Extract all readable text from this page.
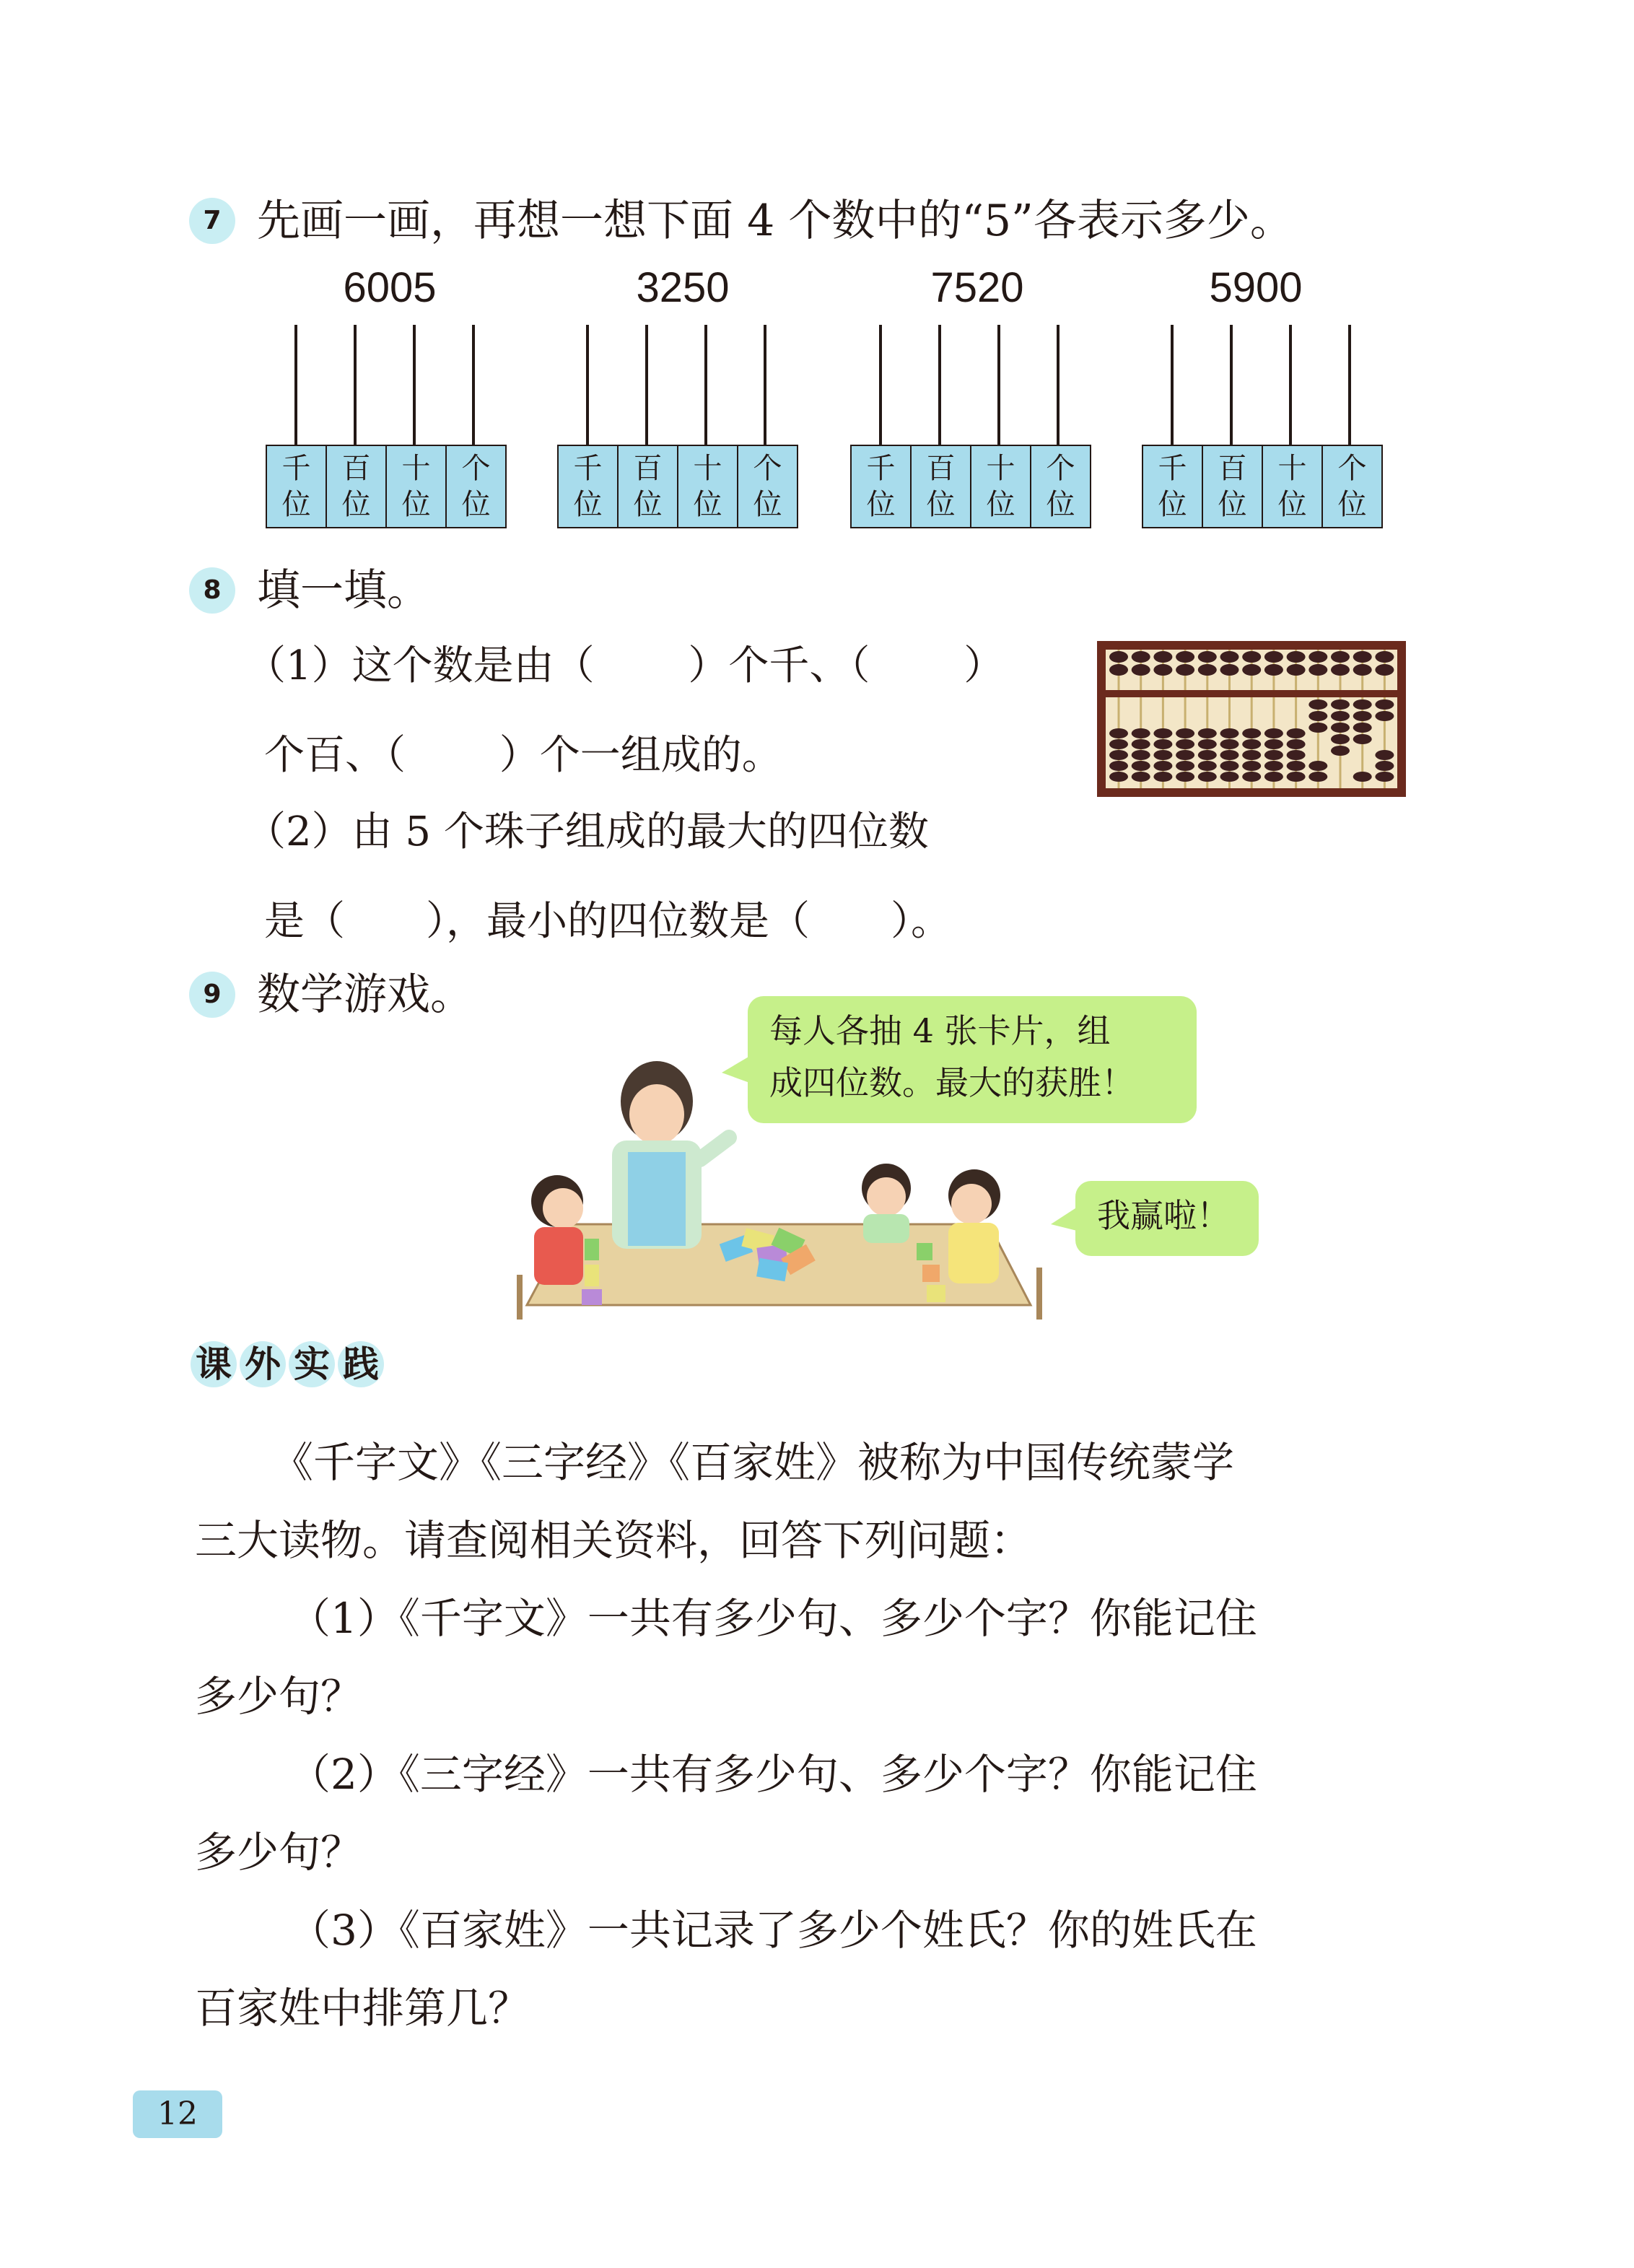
7 先画一画，再想一想下面 4 个数中的“5”各表示多少。
6005	3250	7520	5900
千
位
百
位
十
位
个
位
千
位
百
位
十
位
个
位
千
位
百
位
十
位
个
位
千
位
百
位
十
位
个
位
8 填一填。
（1）这个数是由（　　 ）个千、（　　 ）
个百、（　　 ）个一组成的。
（2）由 5 个珠子组成的最大的四位数
是（　　），最小的四位数是（　　）。
9 数学游戏。
每人各抽 4 张卡片，组
成四位数。最大的获胜！
我赢啦！
课 外 实 践
《千字文》《三字经》《百家姓》被称为中国传统蒙学
三大读物。请查阅相关资料，回答下列问题：
（1）《千字文》一共有多少句、多少个字？你能记住
多少句？
（2）《三字经》一共有多少句、多少个字？你能记住
多少句？
（3）《百家姓》一共记录了多少个姓氏？你的姓氏在
百家姓中排第几？
12
